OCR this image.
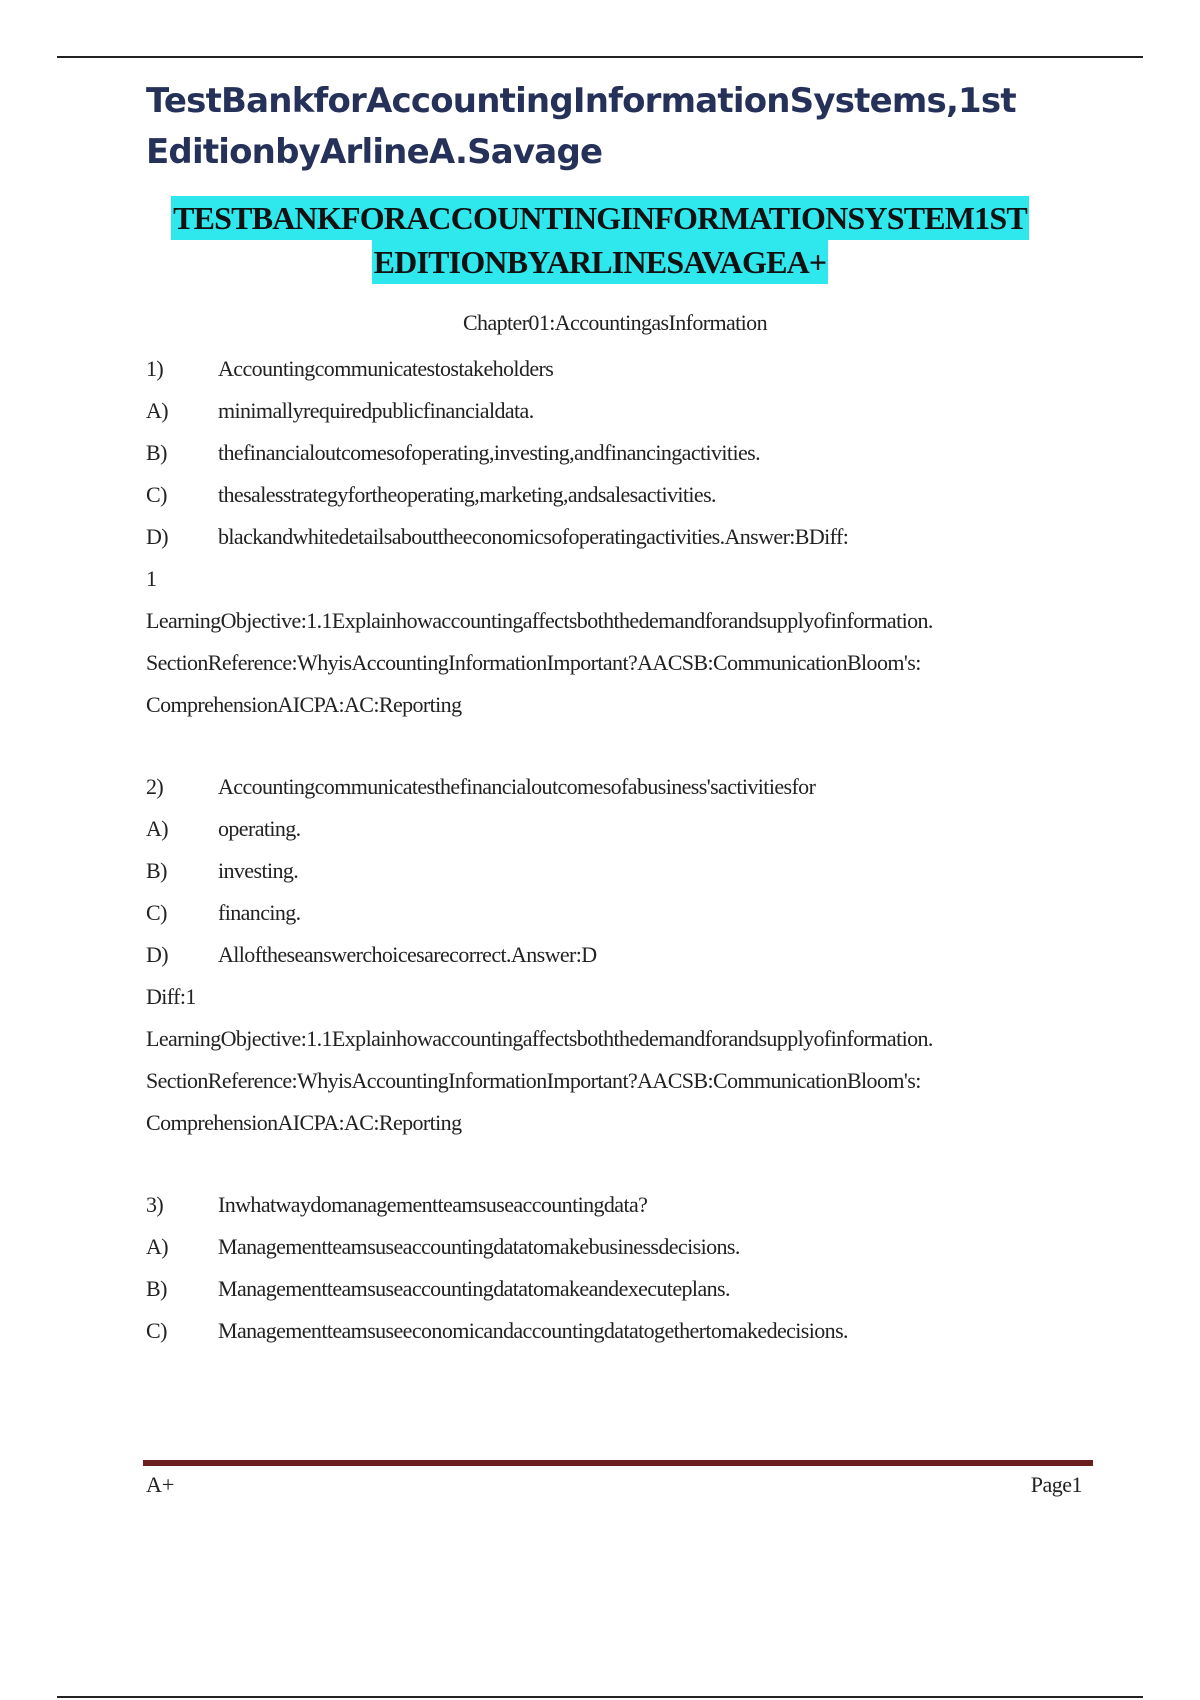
TestBankforAccountingInformationSystems,1st
EditionbyArlineA.Savage
TESTBANKFORACCOUNTINGINFORMATIONSYSTEM1ST
EDITIONBYARLINESAVAGEA+
Chapter01:AccountingasInformation
1)	Accountingcommunicatestostakeholders
A)	minimallyrequiredpublicfinancialdata.
B)	thefinancialoutcomesofoperating,investing,andfinancingactivities.
C)	thesalesstrategyfortheoperating,marketing,andsalesactivities.
D)	blackandwhitedetailsabouttheeconomicsofoperatingactivities.Answer:BDiff:
1
LearningObjective:1.1Explainhowaccountingaffectsboththedemandforandsupplyofinformation.
SectionReference:WhyisAccountingInformationImportant?AACSB:CommunicationBloom's:
ComprehensionAICPA:AC:Reporting
2)	Accountingcommunicatesthefinancialoutcomesofabusiness'sactivitiesfor
A)	operating.
B)	investing.
C)	financing.
D)	Alloftheseanswerchoicesarecorrect.Answer:D
Diff:1
LearningObjective:1.1Explainhowaccountingaffectsboththedemandforandsupplyofinformation.
SectionReference:WhyisAccountingInformationImportant?AACSB:CommunicationBloom's:
ComprehensionAICPA:AC:Reporting
3)	Inwhatwaydomanagementteamsuseaccountingdata?
A)	Managementteamsuseaccountingdatatomakebusinessdecisions.
B)	Managementteamsuseaccountingdatatomakeandexecuteplans.
C)	Managementteamsuseeconomicandaccountingdatatogethertomakedecisions.
A+	Page1
